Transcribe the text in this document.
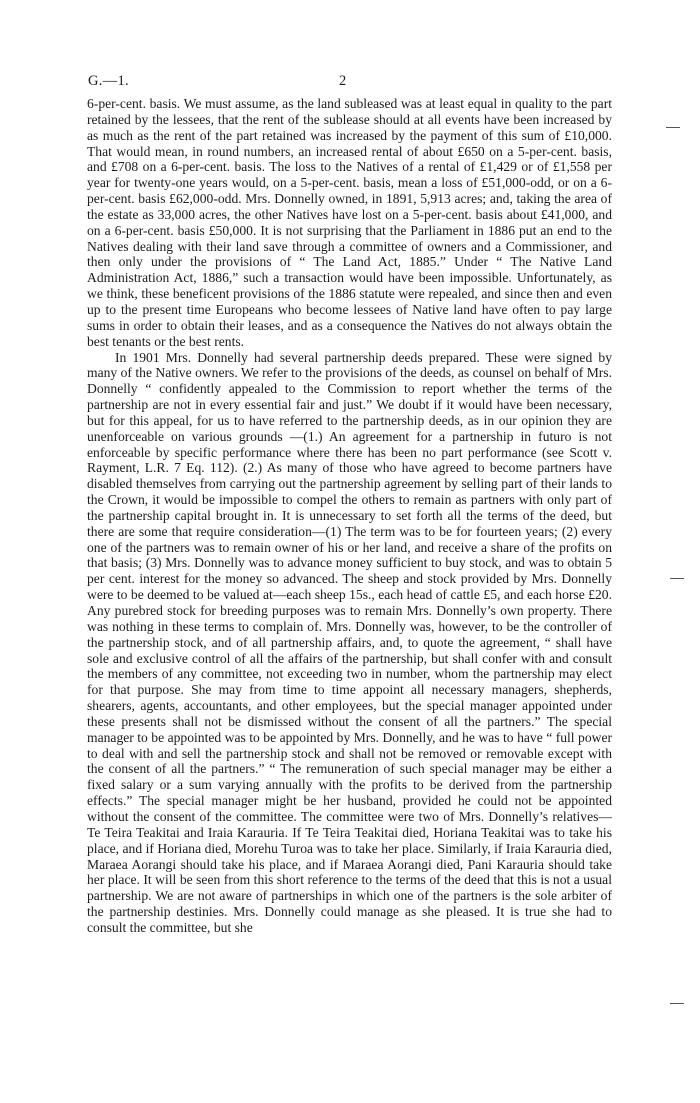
G.—1.	2

6-per-cent. basis. We must assume, as the land subleased was at least equal in quality to the part retained by the lessees, that the rent of the sublease should at all events have been increased by as much as the rent of the part retained was increased by the payment of this sum of £10,000. That would mean, in round numbers, an increased rental of about £650 on a 5-per-cent. basis, and £708 on a 6-per-cent. basis. The loss to the Natives of a rental of £1,429 or of £1,558 per year for twenty-one years would, on a 5-per-cent. basis, mean a loss of £51,000-odd, or on a 6-per-cent. basis £62,000-odd. Mrs. Donnelly owned, in 1891, 5,913 acres; and, taking the area of the estate as 33,000 acres, the other Natives have lost on a 5-per-cent. basis about £41,000, and on a 6-per-cent. basis £50,000. It is not surprising that the Parliament in 1886 put an end to the Natives dealing with their land save through a committee of owners and a Commissioner, and then only under the provisions of “ The Land Act, 1885.” Under “ The Native Land Administration Act, 1886,” such a transaction would have been impossible. Unfortunately, as we think, these beneficent provisions of the 1886 statute were repealed, and since then and even up to the present time Europeans who become lessees of Native land have often to pay large sums in order to obtain their leases, and as a consequence the Natives do not always obtain the best tenants or the best rents.

In 1901 Mrs. Donnelly had several partnership deeds prepared. These were signed by many of the Native owners. We refer to the provisions of the deeds, as counsel on behalf of Mrs. Donnelly “ confidently appealed to the Commission to report whether the terms of the partnership are not in every essential fair and just.” We doubt if it would have been necessary, but for this appeal, for us to have referred to the partnership deeds, as in our opinion they are unenforceable on various grounds —(1.) An agreement for a partnership in futuro is not enforceable by specific performance where there has been no part performance (see Scott v. Rayment, L.R. 7 Eq. 112). (2.) As many of those who have agreed to become partners have disabled themselves from carrying out the partnership agreement by selling part of their lands to the Crown, it would be impossible to compel the others to remain as partners with only part of the partnership capital brought in. It is unnecessary to set forth all the terms of the deed, but there are some that require consideration—(1) The term was to be for fourteen years; (2) every one of the partners was to remain owner of his or her land, and receive a share of the profits on that basis; (3) Mrs. Donnelly was to advance money sufficient to buy stock, and was to obtain 5 per cent. interest for the money so advanced. The sheep and stock provided by Mrs. Donnelly were to be deemed to be valued at—each sheep 15s., each head of cattle £5, and each horse £20. Any purebred stock for breeding purposes was to remain Mrs. Donnelly’s own property. There was nothing in these terms to complain of. Mrs. Donnelly was, however, to be the controller of the partnership stock, and of all partnership affairs, and, to quote the agreement, “ shall have sole and exclusive control of all the affairs of the partnership, but shall confer with and consult the members of any committee, not exceeding two in number, whom the partnership may elect for that purpose. She may from time to time appoint all necessary managers, shepherds, shearers, agents, accountants, and other employees, but the special manager appointed under these presents shall not be dismissed without the consent of all the partners.” The special manager to be appointed was to be appointed by Mrs. Donnelly, and he was to have “ full power to deal with and sell the partnership stock and shall not be removed or removable except with the consent of all the partners.” “ The remuneration of such special manager may be either a fixed salary or a sum varying annually with the profits to be derived from the partnership effects.” The special manager might be her husband, provided he could not be appointed without the consent of the committee. The committee were two of Mrs. Donnelly’s relatives—Te Teira Teakitai and Iraia Karauria. If Te Teira Teakitai died, Horiana Teakitai was to take his place, and if Horiana died, Morehu Turoa was to take her place. Similarly, if Iraia Karauria died, Maraea Aorangi should take his place, and if Maraea Aorangi died, Pani Karauria should take her place. It will be seen from this short reference to the terms of the deed that this is not a usual partnership. We are not aware of partnerships in which one of the partners is the sole arbiter of the partnership destinies. Mrs. Donnelly could manage as she pleased. It is true she had to consult the committee, but she
